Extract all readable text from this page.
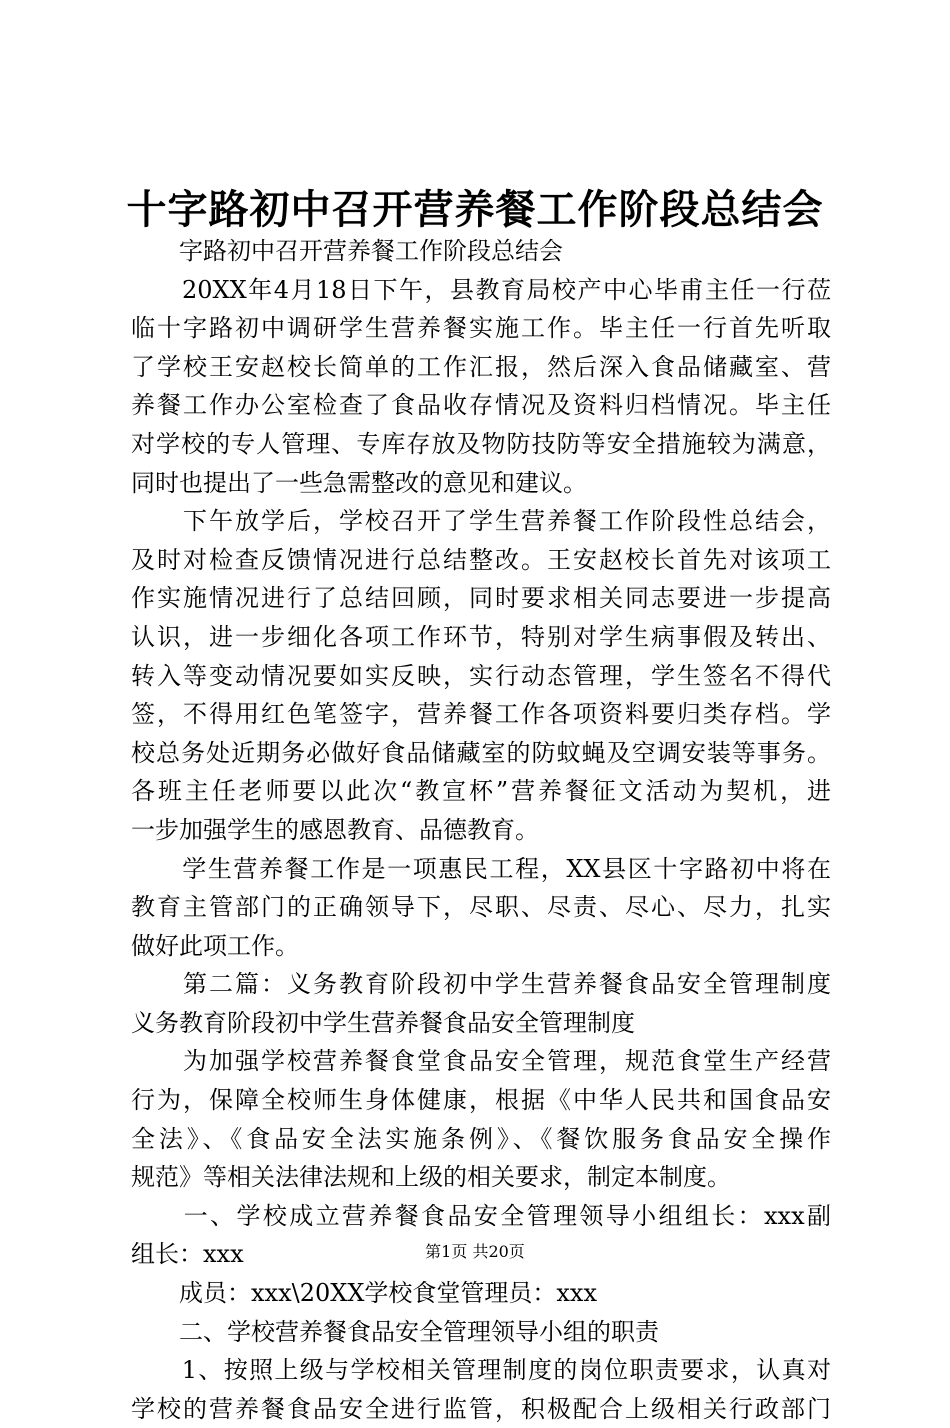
十字路初中召开营养餐工作阶段总结会
　　字路初中召开营养餐工作阶段总结会
　　20XX年4月18日下午，县教育局校产中心毕甫主任一行莅
临十字路初中调研学生营养餐实施工作。毕主任一行首先听取
了学校王安赵校长简单的工作汇报，然后深入食品储藏室、营
养餐工作办公室检查了食品收存情况及资料归档情况。毕主任
对学校的专人管理、专库存放及物防技防等安全措施较为满意，
同时也提出了一些急需整改的意见和建议。
　　下午放学后，学校召开了学生营养餐工作阶段性总结会，
及时对检查反馈情况进行总结整改。王安赵校长首先对该项工
作实施情况进行了总结回顾，同时要求相关同志要进一步提高
认识，进一步细化各项工作环节，特别对学生病事假及转出、
转入等变动情况要如实反映，实行动态管理，学生签名不得代
签，不得用红色笔签字，营养餐工作各项资料要归类存档。学
校总务处近期务必做好食品储藏室的防蚊蝇及空调安装等事务。
各班主任老师要以此次“教宣杯”营养餐征文活动为契机，进
一步加强学生的感恩教育、品德教育。
　　学生营养餐工作是一项惠民工程，XX县区十字路初中将在
教育主管部门的正确领导下，尽职、尽责、尽心、尽力，扎实
做好此项工作。
　　第二篇：义务教育阶段初中学生营养餐食品安全管理制度
义务教育阶段初中学生营养餐食品安全管理制度
　　为加强学校营养餐食堂食品安全管理，规范食堂生产经营
行为，保障全校师生身体健康，根据《中华人民共和国食品安
全法》、《食品安全法实施条例》、《餐饮服务食品安全操作
规范》等相关法律法规和上级的相关要求，制定本制度。
　　一、学校成立营养餐食品安全管理领导小组组长：xxx副
组长：xxx
　　成员：xxx\20XX学校食堂管理员：xxx
　　二、学校营养餐食品安全管理领导小组的职责
　　1、按照上级与学校相关管理制度的岗位职责要求，认真对
学校的营养餐食品安全进行监管，积极配合上级相关行政部门
第1页 共20页
